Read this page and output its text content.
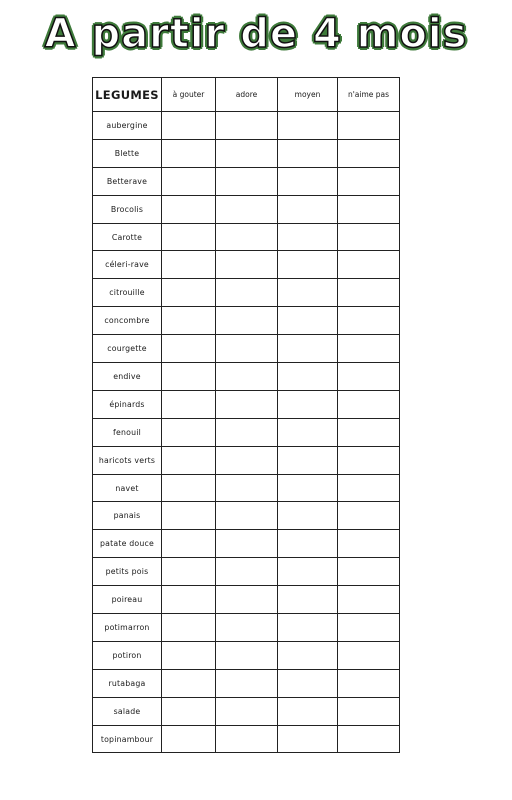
A partir de 4 mois
LEGUMES	à gouter	adore	moyen	n'aime pas
aubergine				
Blette				
Betterave				
Brocolis				
Carotte				
céleri-rave				
citrouille				
concombre				
courgette				
endive				
épinards				
fenouil				
haricots verts				
navet				
panais				
patate douce				
petits pois				
poireau				
potimarron				
potiron				
rutabaga				
salade				
topinambour				
